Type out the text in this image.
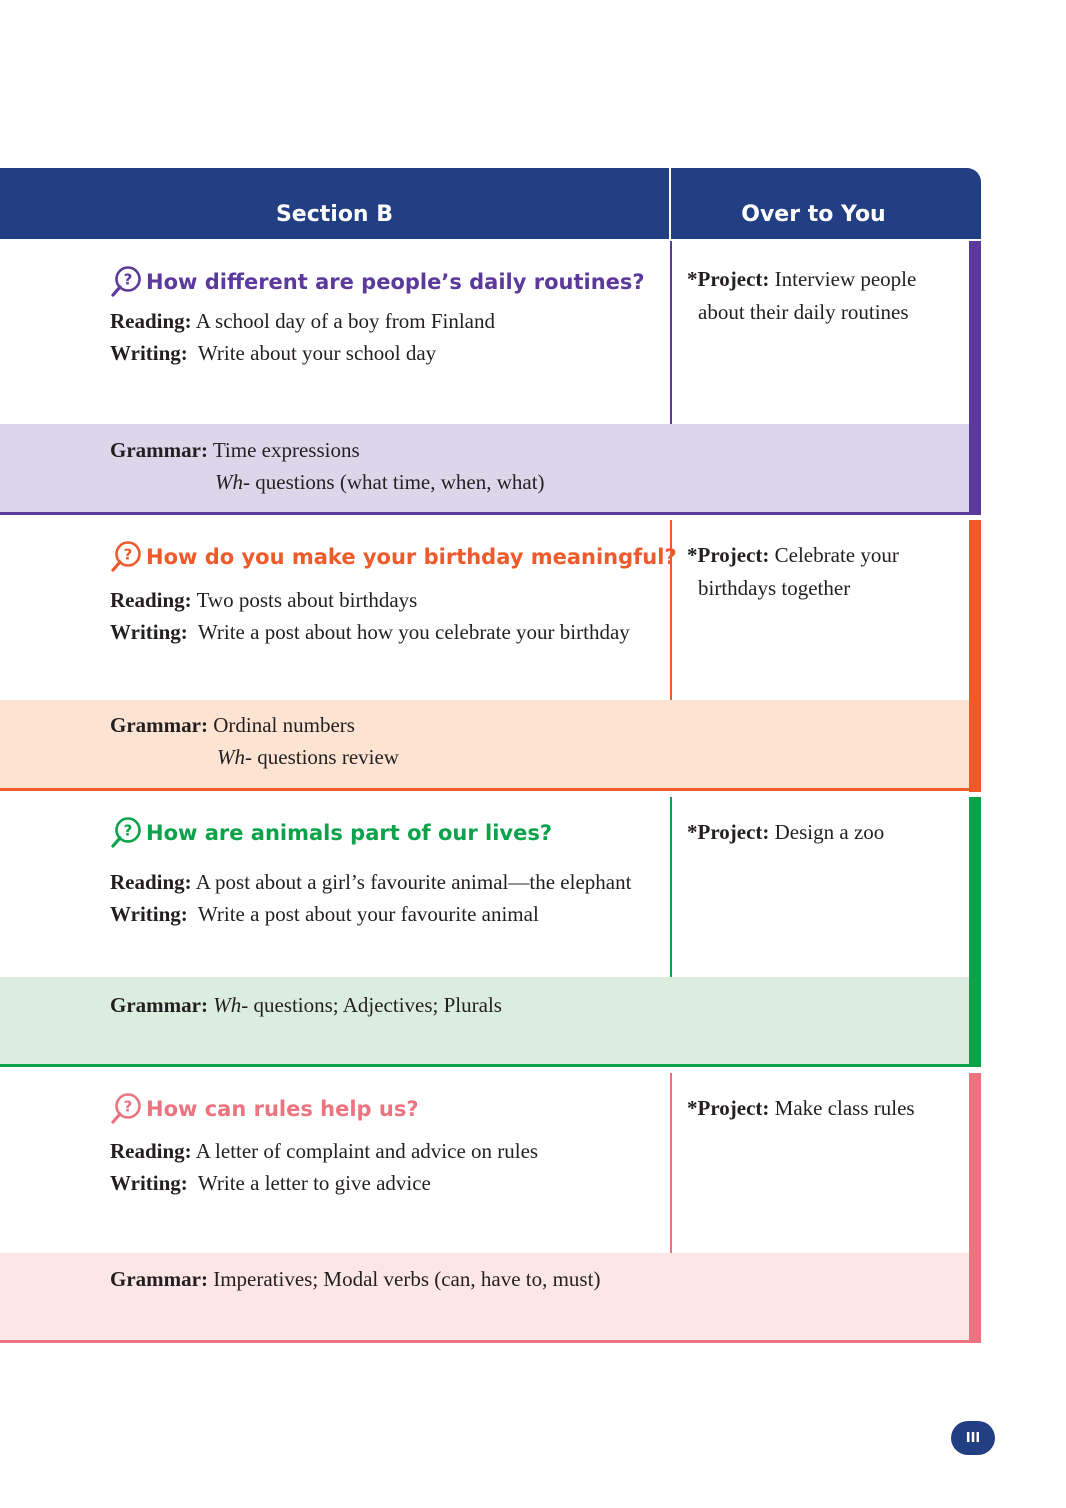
Section B	Over to You
? How different are people’s daily routines?
Reading: A school day of a boy from Finland
Writing: Write about your school day
*Project: Interview people
about their daily routines
Grammar: Time expressions
Wh- questions (what time, when, what)
? How do you make your birthday meaningful?
Reading: Two posts about birthdays
Writing: Write a post about how you celebrate your birthday
*Project: Celebrate your
birthdays together
Grammar: Ordinal numbers
Wh- questions review
? How are animals part of our lives?
Reading: A post about a girl’s favourite animal—the elephant
Writing: Write a post about your favourite animal
*Project: Design a zoo
Grammar: Wh- questions; Adjectives; Plurals
? How can rules help us?
Reading: A letter of complaint and advice on rules
Writing: Write a letter to give advice
*Project: Make class rules
Grammar: Imperatives; Modal verbs (can, have to, must)
III
